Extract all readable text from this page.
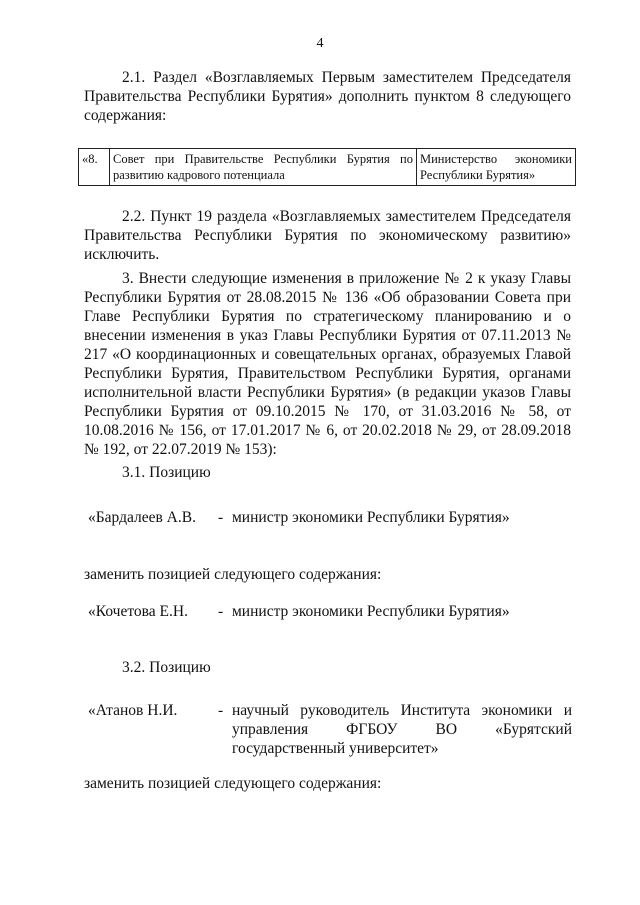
4

2.1. Раздел «Возглавляемых Первым заместителем Председателя Правительства Республики Бурятия» дополнить пунктом 8 следующего содержания:

«8.	Совет при Правительстве Республики Бурятия по развитию кадрового потенциала	Министерство экономики Республики Бурятия»

2.2. Пункт 19 раздела «Возглавляемых заместителем Председателя Правительства Республики Бурятия по экономическому развитию» исключить.

3. Внести следующие изменения в приложение № 2 к указу Главы Республики Бурятия от 28.08.2015 № 136 «Об образовании Совета при Главе Республики Бурятия по стратегическому планированию и о внесении изменения в указ Главы Республики Бурятия от 07.11.2013 № 217 «О координационных и совещательных органах, образуемых Главой Республики Бурятия, Правительством Республики Бурятия, органами исполнительной власти Республики Бурятия» (в редакции указов Главы Республики Бурятия от 09.10.2015 № 170, от 31.03.2016 № 58, от 10.08.2016 № 156, от 17.01.2017 № 6, от 20.02.2018 № 29, от 28.09.2018 № 192, от 22.07.2019 № 153):

3.1. Позицию

«Бардалеев А.В. - министр экономики Республики Бурятия»

заменить позицией следующего содержания:

«Кочетова Е.Н. - министр экономики Республики Бурятия»

3.2. Позицию

«Атанов Н.И.	- научный руководитель Института экономики и управления ФГБОУ ВО «Бурятский государственный университет»

заменить позицией следующего содержания:
